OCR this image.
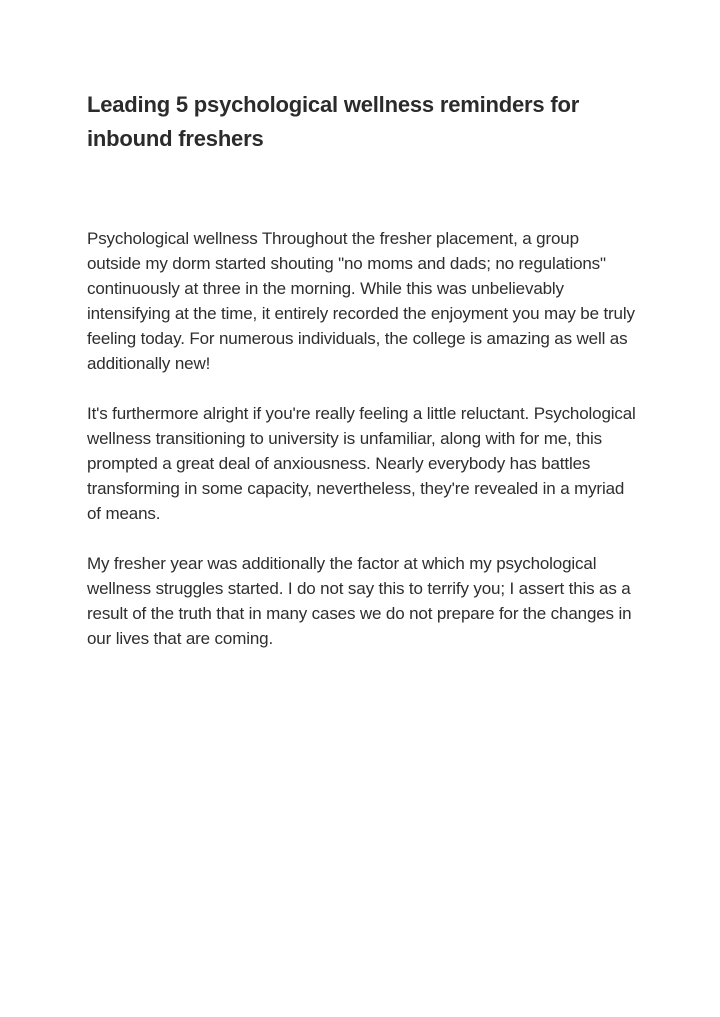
Leading 5 psychological wellness reminders for inbound freshers

Psychological wellness Throughout the fresher placement, a group outside my dorm started shouting "no moms and dads; no regulations" continuously at three in the morning. While this was unbelievably intensifying at the time, it entirely recorded the enjoyment you may be truly feeling today. For numerous individuals, the college is amazing as well as additionally new!

It's furthermore alright if you're really feeling a little reluctant. Psychological wellness transitioning to university is unfamiliar, along with for me, this prompted a great deal of anxiousness. Nearly everybody has battles transforming in some capacity, nevertheless, they're revealed in a myriad of means.

My fresher year was additionally the factor at which my psychological wellness struggles started. I do not say this to terrify you; I assert this as a result of the truth that in many cases we do not prepare for the changes in our lives that are coming.
